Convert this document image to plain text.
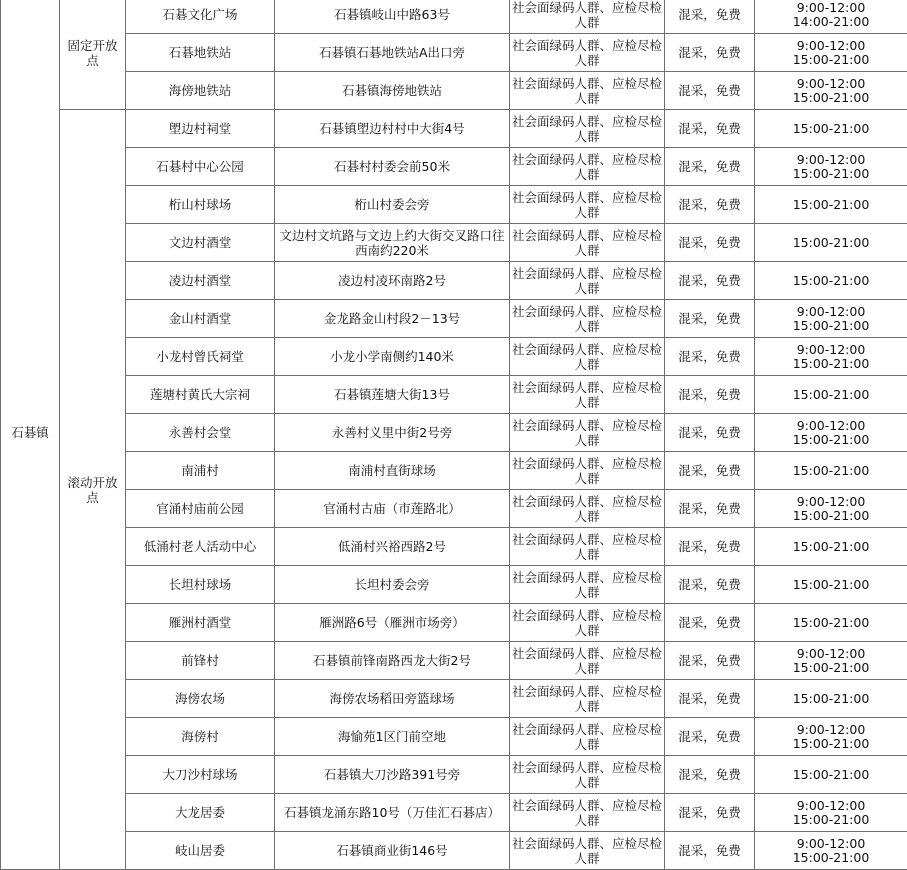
石碁镇	固定开放点	石碁文化广场	石碁镇岐山中路63号	社会面绿码人群、应检尽检人群	混采，免费	9:00-12:00
14:00-21:00

		石碁地铁站	石碁镇石碁地铁站A出口旁	社会面绿码人群、应检尽检人群	混采，免费	9:00-12:00
15:00-21:00

		海傍地铁站	石碁镇海傍地铁站	社会面绿码人群、应检尽检人群	混采，免费	9:00-12:00
15:00-21:00

	滚动开放点	塱边村祠堂	石碁镇塱边村村中大街4号	社会面绿码人群、应检尽检人群	混采，免费	15:00-21:00

		石碁村中心公园	石碁村村委会前50米	社会面绿码人群、应检尽检人群	混采，免费	9:00-12:00
15:00-21:00

		桁山村球场	桁山村委会旁	社会面绿码人群、应检尽检人群	混采，免费	15:00-21:00

		文边村酒堂	文边村文坑路与文边上约大街交叉路口往西南约220米	社会面绿码人群、应检尽检人群	混采，免费	15:00-21:00

		凌边村酒堂	凌边村凌环南路2号	社会面绿码人群、应检尽检人群	混采，免费	15:00-21:00

		金山村酒堂	金龙路金山村段2－13号	社会面绿码人群、应检尽检人群	混采，免费	9:00-12:00
15:00-21:00

		小龙村曾氏祠堂	小龙小学南侧约140米	社会面绿码人群、应检尽检人群	混采，免费	9:00-12:00
15:00-21:00

		莲塘村黄氏大宗祠	石碁镇莲塘大街13号	社会面绿码人群、应检尽检人群	混采，免费	15:00-21:00

		永善村会堂	永善村义里中街2号旁	社会面绿码人群、应检尽检人群	混采，免费	9:00-12:00
15:00-21:00

		南浦村	南浦村直街球场	社会面绿码人群、应检尽检人群	混采，免费	15:00-21:00

		官涌村庙前公园	官涌村古庙（市莲路北）	社会面绿码人群、应检尽检人群	混采，免费	9:00-12:00
15:00-21:00

		低涌村老人活动中心	低涌村兴裕西路2号	社会面绿码人群、应检尽检人群	混采，免费	15:00-21:00

		长坦村球场	长坦村委会旁	社会面绿码人群、应检尽检人群	混采，免费	15:00-21:00

		雁洲村酒堂	雁洲路6号（雁洲市场旁）	社会面绿码人群、应检尽检人群	混采，免费	15:00-21:00

		前锋村	石碁镇前锋南路西龙大街2号	社会面绿码人群、应检尽检人群	混采，免费	9:00-12:00
15:00-21:00

		海傍农场	海傍农场稻田旁篮球场	社会面绿码人群、应检尽检人群	混采，免费	15:00-21:00

		海傍村	海愉苑1区门前空地	社会面绿码人群、应检尽检人群	混采，免费	9:00-12:00
15:00-21:00

		大刀沙村球场	石碁镇大刀沙路391号旁	社会面绿码人群、应检尽检人群	混采，免费	15:00-21:00

		大龙居委	石碁镇龙涌东路10号（万佳汇石碁店）	社会面绿码人群、应检尽检人群	混采，免费	9:00-12:00
15:00-21:00

		岐山居委	石碁镇商业街146号	社会面绿码人群、应检尽检人群	混采，免费	9:00-12:00
15:00-21:00
